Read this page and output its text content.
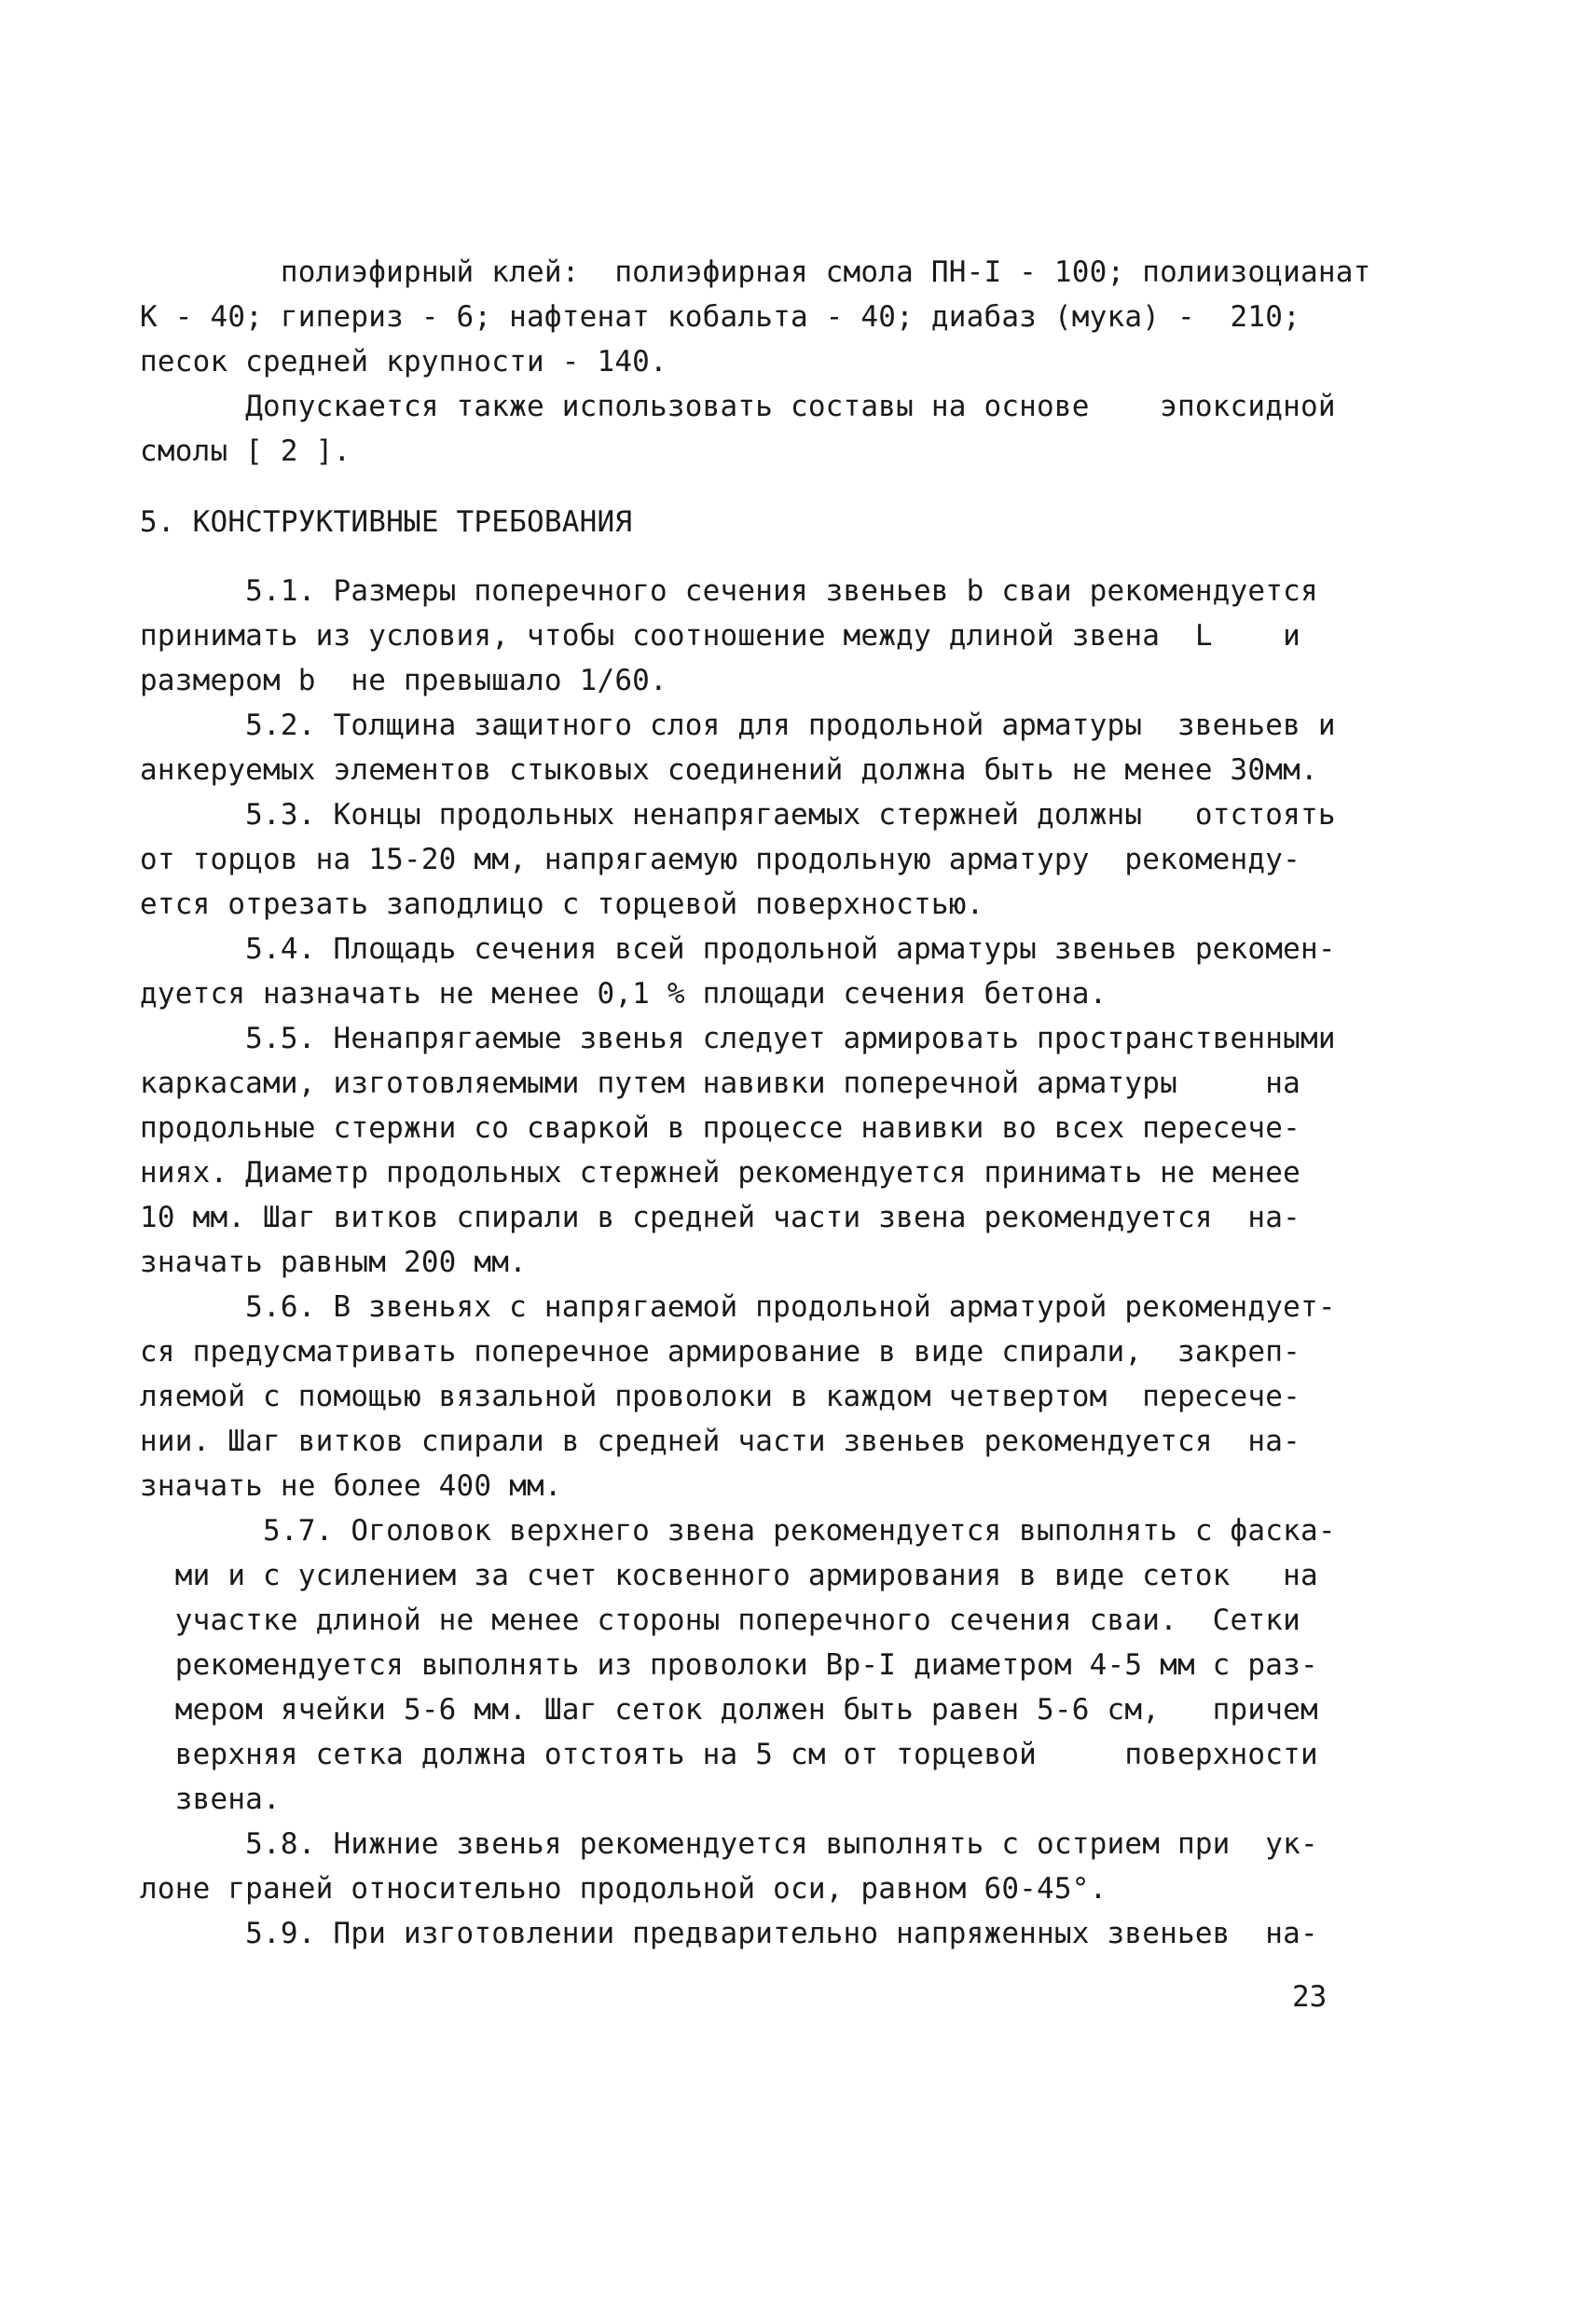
полиэфирный клей:  полиэфирная смола ПН-I - 100; полиизоцианат
К - 40; гипериз - 6; нафтенат кобальта - 40; диабаз (мука) -  210;
песок средней крупности - 140.
Допускается также использовать составы на основе    эпоксидной
смолы [ 2 ].
5. КОНСТРУКТИВНЫЕ ТРЕБОВАНИЯ
5.1. Размеры поперечного сечения звеньев b сваи рекомендуется
принимать из условия, чтобы соотношение между длиной звена  L    и
размером b  не превышало 1/60.
5.2. Толщина защитного слоя для продольной арматуры  звеньев и
анкеруемых элементов стыковых соединений должна быть не менее 30мм.
5.3. Концы продольных ненапрягаемых стержней должны   отстоять
от торцов на 15-20 мм, напрягаемую продольную арматуру  рекоменду-
ется отрезать заподлицо с торцевой поверхностью.
5.4. Площадь сечения всей продольной арматуры звеньев рекомен-
дуется назначать не менее 0,1 % площади сечения бетона.
5.5. Ненапрягаемые звенья следует армировать пространственными
каркасами, изготовляемыми путем навивки поперечной арматуры     на
продольные стержни со сваркой в процессе навивки во всех пересече-
ниях. Диаметр продольных стержней рекомендуется принимать не менее
10 мм. Шаг витков спирали в средней части звена рекомендуется  на-
значать равным 200 мм.
5.6. В звеньях с напрягаемой продольной арматурой рекомендует-
ся предусматривать поперечное армирование в виде спирали,  закреп-
ляемой с помощью вязальной проволоки в каждом четвертом  пересече-
нии. Шаг витков спирали в средней части звеньев рекомендуется  на-
значать не более 400 мм.
5.7. Оголовок верхнего звена рекомендуется выполнять с фаска-
ми и с усилением за счет косвенного армирования в виде сеток   на
участке длиной не менее стороны поперечного сечения сваи.  Сетки
рекомендуется выполнять из проволоки Вр-I диаметром 4-5 мм с раз-
мером ячейки 5-6 мм. Шаг сеток должен быть равен 5-6 см,   причем
верхняя сетка должна отстоять на 5 см от торцевой     поверхности
звена.
5.8. Нижние звенья рекомендуется выполнять с острием при  ук-
лоне граней относительно продольной оси, равном 60-45°.
5.9. При изготовлении предварительно напряженных звеньев  на-
23
